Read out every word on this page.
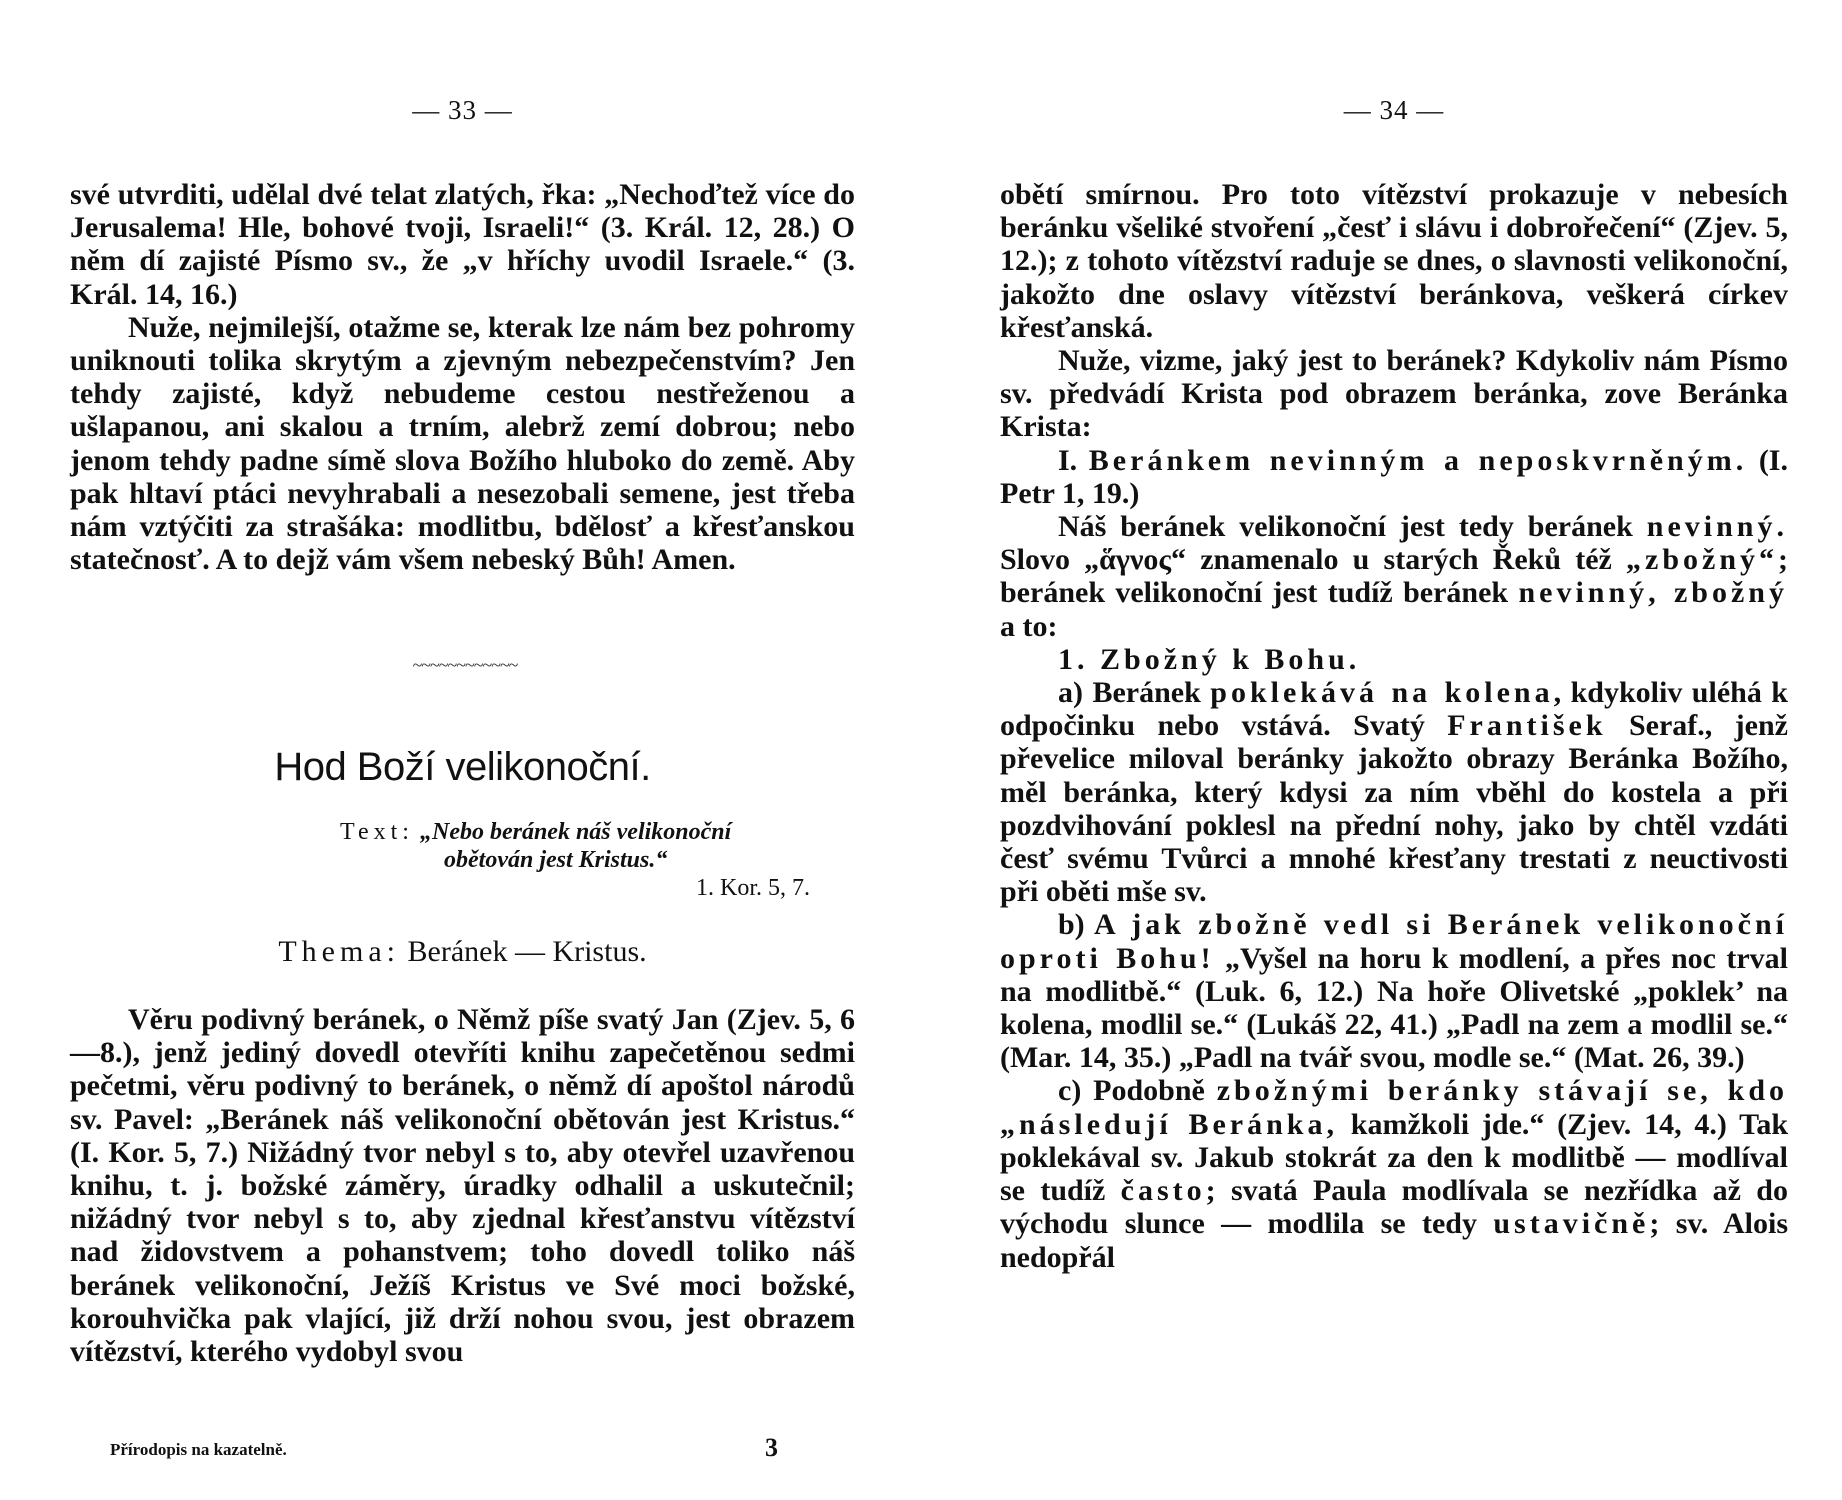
— 33 —

své utvrditi, udělal dvé telat zlatých, řka: „Nechoďtež více do Jerusalema! Hle, bohové tvoji, Israeli!“ (3. Král. 12, 28.) O něm dí zajisté Písmo sv., že „v hříchy uvodil Israele.“ (3. Král. 14, 16.)

Nuže, nejmilejší, otažme se, kterak lze nám bez pohromy uniknouti tolika skrytým a zjevným nebezpečenstvím? Jen tehdy zajisté, když nebudeme cestou nestřeženou a ušlapanou, ani skalou a trním, alebrž zemí dobrou; nebo jenom tehdy padne símě slova Božího hluboko do země. Aby pak hltaví ptáci nevyhrabali a nesezobali semene, jest třeba nám vztýčiti za strašáka: modlitbu, bdělosť a křesťanskou statečnosť. A to dejž vám všem nebeský Bůh! Amen.

~~~~~~~~~~~~
Hod Boží velikonoční.
Text: „Nebo beránek náš velikonoční
obětován jest Kristus.“
1. Kor. 5, 7.
Thema: Beránek — Kristus.

Věru podivný beránek, o Němž píše svatý Jan (Zjev. 5, 6—8.), jenž jediný dovedl otevříti knihu zapečetěnou sedmi pečetmi, věru podivný to beránek, o němž dí apoštol národů sv. Pavel: „Beránek náš velikonoční obětován jest Kristus.“ (I. Kor. 5, 7.) Nižádný tvor nebyl s to, aby otevřel uzavřenou knihu, t. j. božské záměry, úradky odhalil a uskutečnil; nižádný tvor nebyl s to, aby zjednal křesťanstvu vítězství nad židovstvem a pohanstvem; toho dovedl toliko náš beránek velikonoční, Ježíš Kristus ve Své moci božské, korouhvička pak vlající, již drží nohou svou, jest obrazem vítězství, kterého vydobyl svou

Přírodopis na kazatelně.	3
— 34 —

obětí smírnou. Pro toto vítězství prokazuje v nebesích beránku všeliké stvoření „česť i slávu i dobrořečení“ (Zjev. 5, 12.); z tohoto vítězství raduje se dnes, o slavnosti velikonoční, jakožto dne oslavy vítězství beránkova, veškerá církev křesťanská.

Nuže, vizme, jaký jest to beránek? Kdykoliv nám Písmo sv. předvádí Krista pod obrazem beránka, zove Beránka Krista:

I. Beránkem nevinným a neposkvrněným. (I. Petr 1, 19.)

Náš beránek velikonoční jest tedy beránek nevinný. Slovo „ἅγνος“ znamenalo u starých Řeků též „zbožný“; beránek velikonoční jest tudíž beránek nevinný, zbožný a to:

1. Zbožný k Bohu.

a) Beránek poklekává na kolena, kdykoliv uléhá k odpočinku nebo vstává. Svatý František Seraf., jenž převelice miloval beránky jakožto obrazy Beránka Božího, měl beránka, který kdysi za ním vběhl do kostela a při pozdvihování poklesl na přední nohy, jako by chtěl vzdáti česť svému Tvůrci a mnohé křesťany trestati z neuctivosti při oběti mše sv.

b) A jak zbožně vedl si Beránek velikonoční oproti Bohu! „Vyšel na horu k modlení, a přes noc trval na modlitbě.“ (Luk. 6, 12.) Na hoře Olivetské „poklek’ na kolena, modlil se.“ (Lukáš 22, 41.) „Padl na zem a modlil se.“ (Mar. 14, 35.) „Padl na tvář svou, modle se.“ (Mat. 26, 39.)

c) Podobně zbožnými beránky stávají se, kdo „následují Beránka, kamžkoli jde.“ (Zjev. 14, 4.) Tak poklekával sv. Jakub stokrát za den k modlitbě — modlíval se tudíž často; svatá Paula modlívala se nezřídka až do východu slunce — modlila se tedy ustavičně; sv. Alois nedopřál
